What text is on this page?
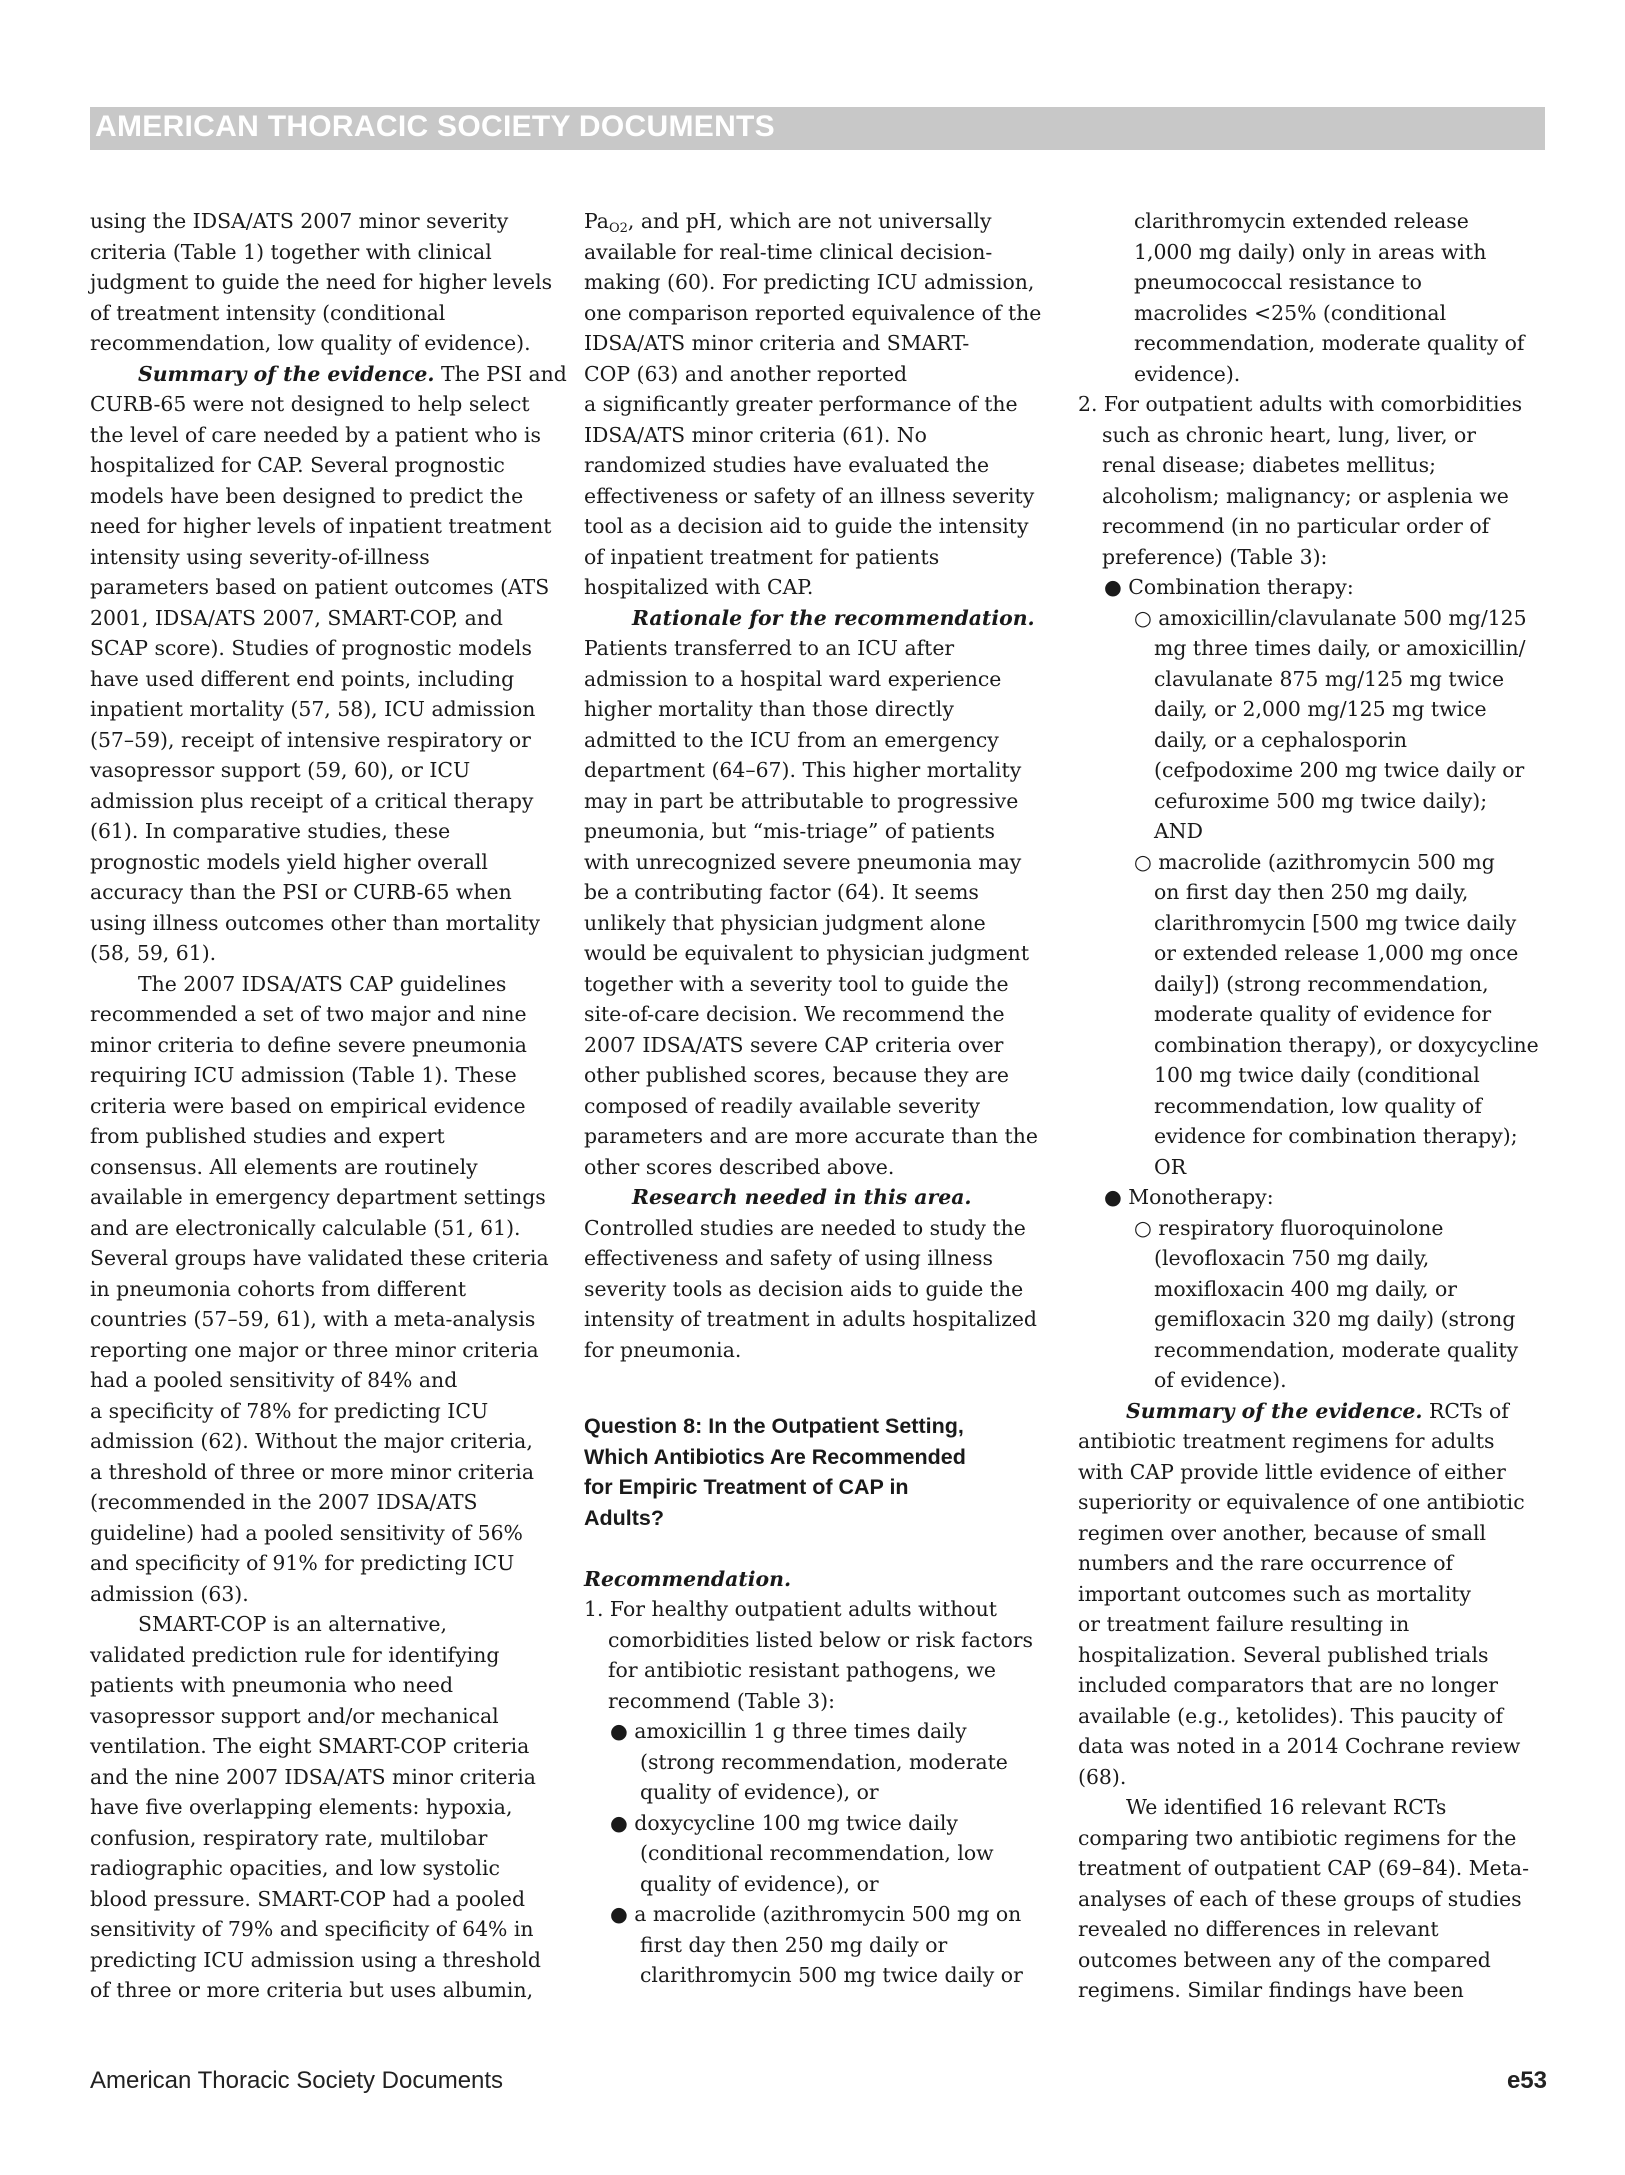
AMERICAN THORACIC SOCIETY DOCUMENTS
using the IDSA/ATS 2007 minor severity
criteria (Table 1) together with clinical
judgment to guide the need for higher levels
of treatment intensity (conditional
recommendation, low quality of evidence).
Summary of the evidence. The PSI and
CURB-65 were not designed to help select
the level of care needed by a patient who is
hospitalized for CAP. Several prognostic
models have been designed to predict the
need for higher levels of inpatient treatment
intensity using severity-of-illness
parameters based on patient outcomes (ATS
2001, IDSA/ATS 2007, SMART-COP, and
SCAP score). Studies of prognostic models
have used different end points, including
inpatient mortality (57, 58), ICU admission
(57–59), receipt of intensive respiratory or
vasopressor support (59, 60), or ICU
admission plus receipt of a critical therapy
(61). In comparative studies, these
prognostic models yield higher overall
accuracy than the PSI or CURB-65 when
using illness outcomes other than mortality
(58, 59, 61).
The 2007 IDSA/ATS CAP guidelines
recommended a set of two major and nine
minor criteria to define severe pneumonia
requiring ICU admission (Table 1). These
criteria were based on empirical evidence
from published studies and expert
consensus. All elements are routinely
available in emergency department settings
and are electronically calculable (51, 61).
Several groups have validated these criteria
in pneumonia cohorts from different
countries (57–59, 61), with a meta-analysis
reporting one major or three minor criteria
had a pooled sensitivity of 84% and
a specificity of 78% for predicting ICU
admission (62). Without the major criteria,
a threshold of three or more minor criteria
(recommended in the 2007 IDSA/ATS
guideline) had a pooled sensitivity of 56%
and specificity of 91% for predicting ICU
admission (63).
SMART-COP is an alternative,
validated prediction rule for identifying
patients with pneumonia who need
vasopressor support and/or mechanical
ventilation. The eight SMART-COP criteria
and the nine 2007 IDSA/ATS minor criteria
have five overlapping elements: hypoxia,
confusion, respiratory rate, multilobar
radiographic opacities, and low systolic
blood pressure. SMART-COP had a pooled
sensitivity of 79% and specificity of 64% in
predicting ICU admission using a threshold
of three or more criteria but uses albumin,
$Pa_{O2}$, and pH, which are not universally
available for real-time clinical decision-
making (60). For predicting ICU admission,
one comparison reported equivalence of the
IDSA/ATS minor criteria and SMART-
COP (63) and another reported
a significantly greater performance of the
IDSA/ATS minor criteria (61). No
randomized studies have evaluated the
effectiveness or safety of an illness severity
tool as a decision aid to guide the intensity
of inpatient treatment for patients
hospitalized with CAP.
Rationale for the recommendation.
Patients transferred to an ICU after
admission to a hospital ward experience
higher mortality than those directly
admitted to the ICU from an emergency
department (64–67). This higher mortality
may in part be attributable to progressive
pneumonia, but “mis-triage” of patients
with unrecognized severe pneumonia may
be a contributing factor (64). It seems
unlikely that physician judgment alone
would be equivalent to physician judgment
together with a severity tool to guide the
site-of-care decision. We recommend the
2007 IDSA/ATS severe CAP criteria over
other published scores, because they are
composed of readily available severity
parameters and are more accurate than the
other scores described above.
Research needed in this area.
Controlled studies are needed to study the
effectiveness and safety of using illness
severity tools as decision aids to guide the
intensity of treatment in adults hospitalized
for pneumonia.
Question 8: In the Outpatient Setting,
Which Antibiotics Are Recommended
for Empiric Treatment of CAP in
Adults?
Recommendation.
1. For healthy outpatient adults without
comorbidities listed below or risk factors
for antibiotic resistant pathogens, we
recommend (Table 3):
● amoxicillin 1 g three times daily
(strong recommendation, moderate
quality of evidence), or
● doxycycline 100 mg twice daily
(conditional recommendation, low
quality of evidence), or
● a macrolide (azithromycin 500 mg on
first day then 250 mg daily or
clarithromycin 500 mg twice daily or
clarithromycin extended release
1,000 mg daily) only in areas with
pneumococcal resistance to
macrolides <25% (conditional
recommendation, moderate quality of
evidence).
2. For outpatient adults with comorbidities
such as chronic heart, lung, liver, or
renal disease; diabetes mellitus;
alcoholism; malignancy; or asplenia we
recommend (in no particular order of
preference) (Table 3):
● Combination therapy:
○ amoxicillin/clavulanate 500 mg/125
mg three times daily, or amoxicillin/
clavulanate 875 mg/125 mg twice
daily, or 2,000 mg/125 mg twice
daily, or a cephalosporin
(cefpodoxime 200 mg twice daily or
cefuroxime 500 mg twice daily);
AND
○ macrolide (azithromycin 500 mg
on first day then 250 mg daily,
clarithromycin [500 mg twice daily
or extended release 1,000 mg once
daily]) (strong recommendation,
moderate quality of evidence for
combination therapy), or doxycycline
100 mg twice daily (conditional
recommendation, low quality of
evidence for combination therapy);
OR
● Monotherapy:
○ respiratory fluoroquinolone
(levofloxacin 750 mg daily,
moxifloxacin 400 mg daily, or
gemifloxacin 320 mg daily) (strong
recommendation, moderate quality
of evidence).
Summary of the evidence. RCTs of
antibiotic treatment regimens for adults
with CAP provide little evidence of either
superiority or equivalence of one antibiotic
regimen over another, because of small
numbers and the rare occurrence of
important outcomes such as mortality
or treatment failure resulting in
hospitalization. Several published trials
included comparators that are no longer
available (e.g., ketolides). This paucity of
data was noted in a 2014 Cochrane review
(68).
We identified 16 relevant RCTs
comparing two antibiotic regimens for the
treatment of outpatient CAP (69–84). Meta-
analyses of each of these groups of studies
revealed no differences in relevant
outcomes between any of the compared
regimens. Similar findings have been
American Thoracic Society Documents	e53
